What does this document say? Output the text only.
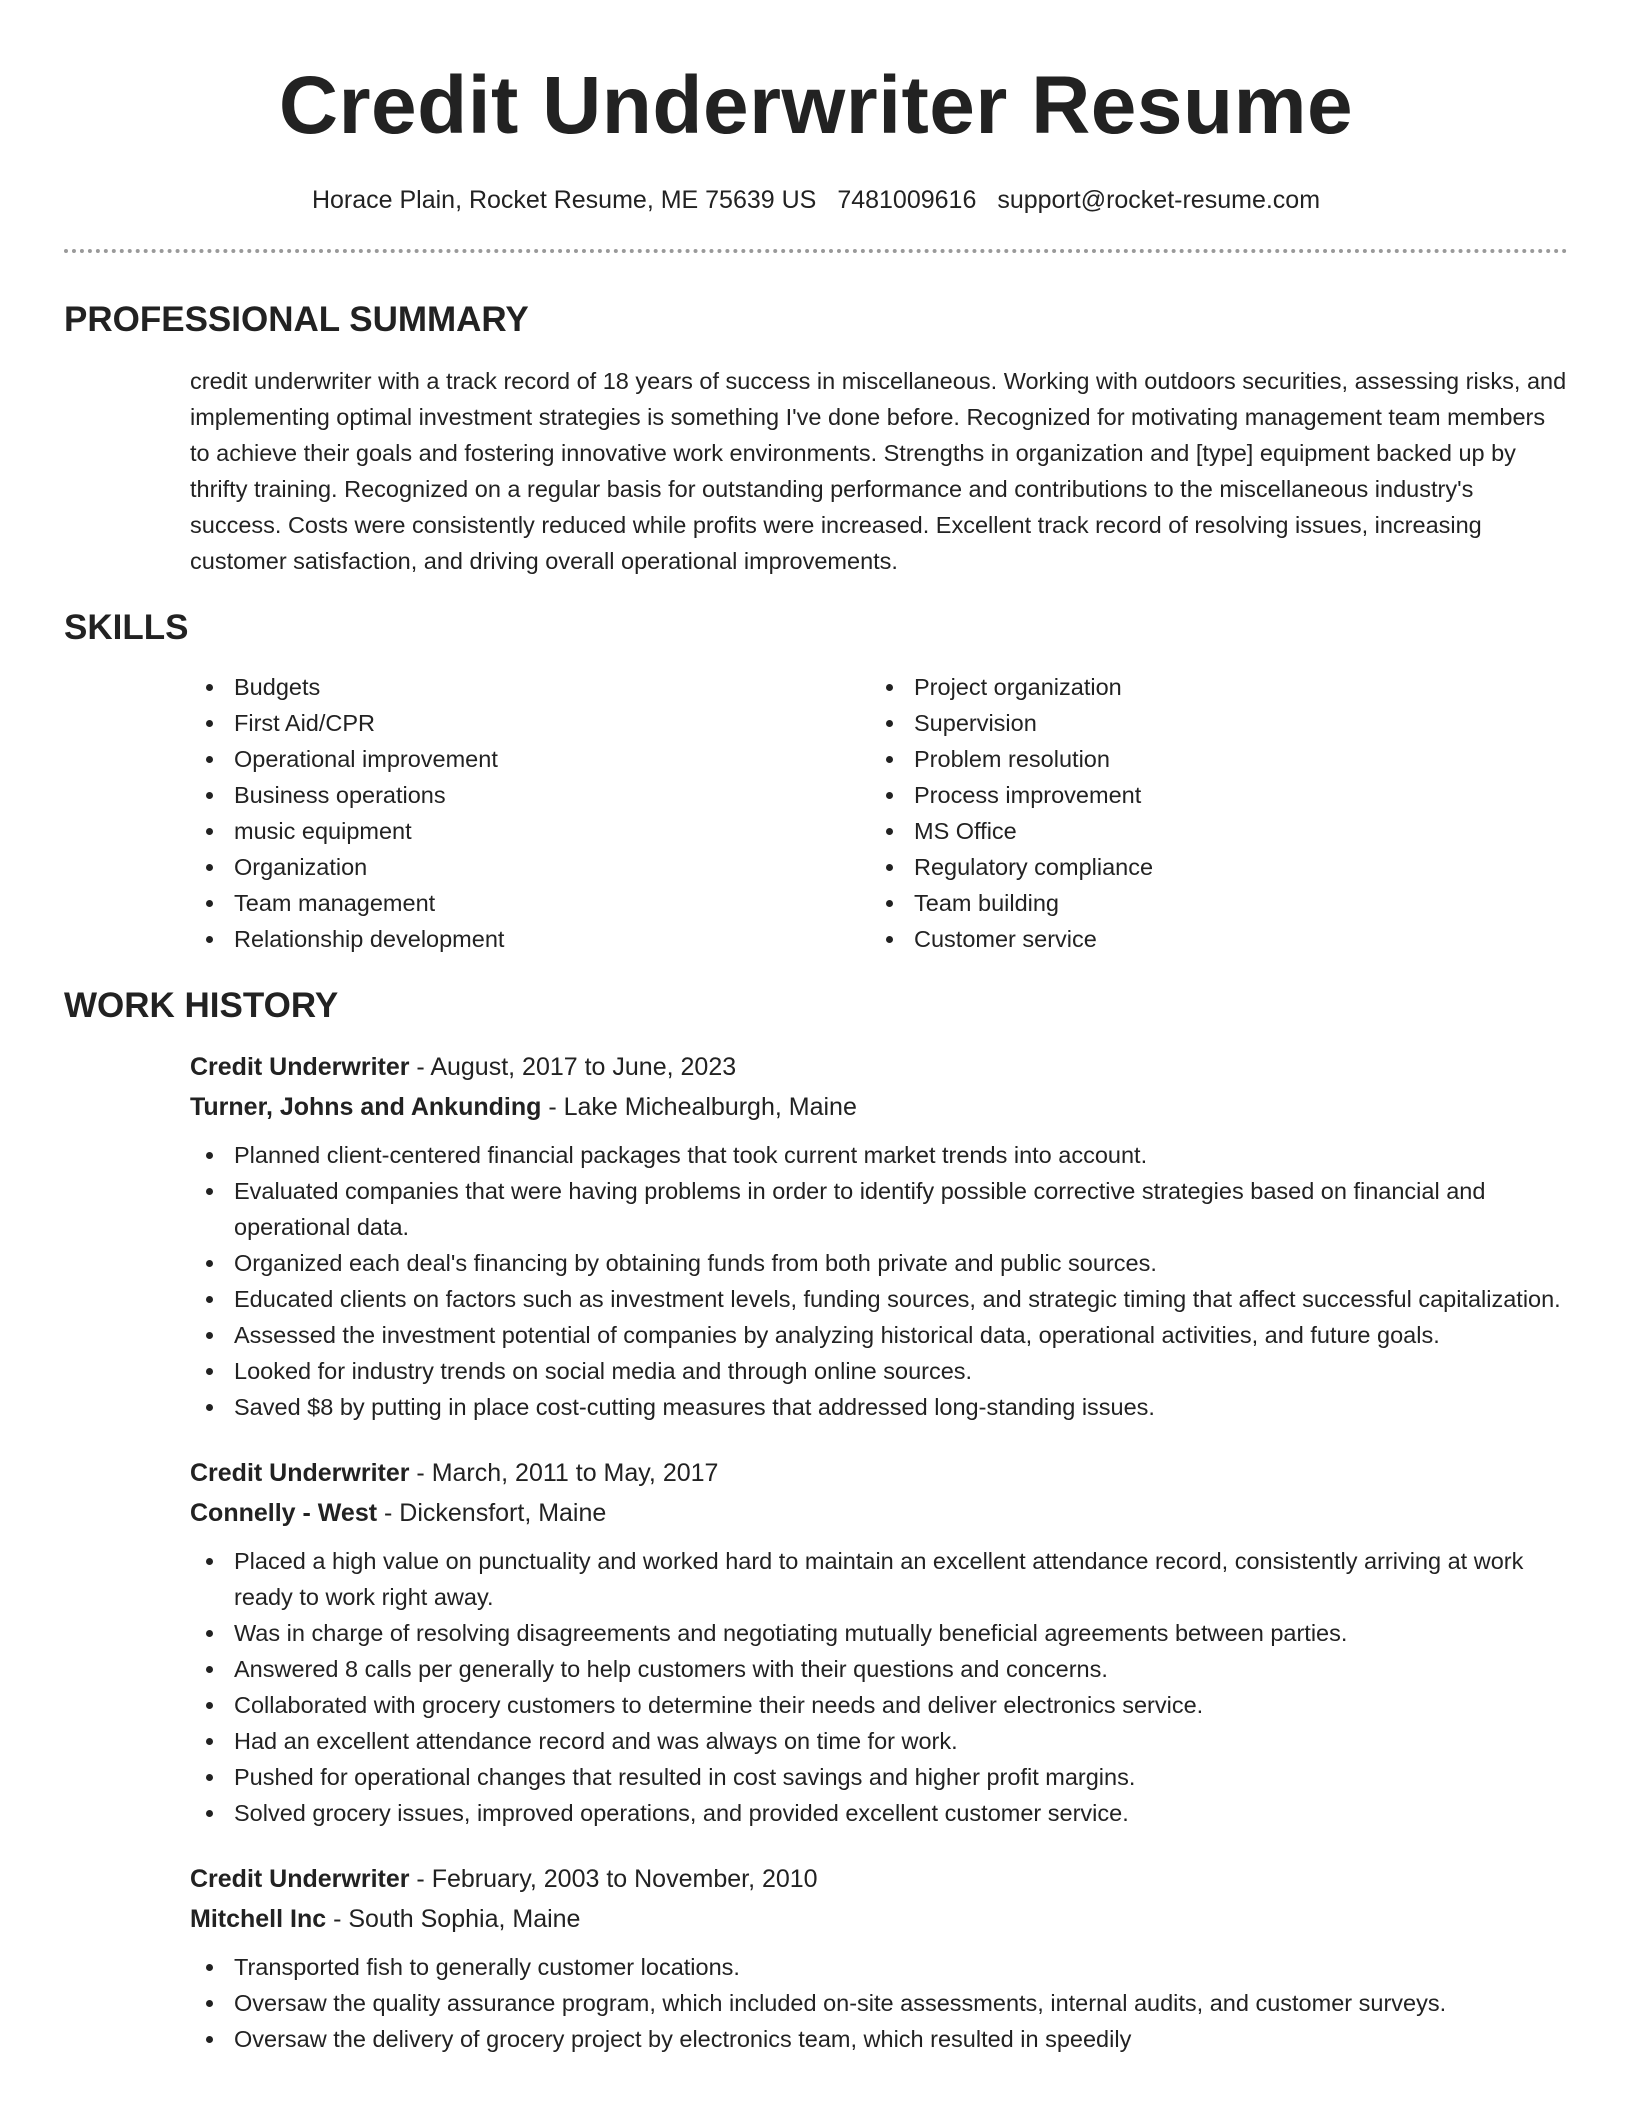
Credit Underwriter Resume
Horace Plain, Rocket Resume, ME 75639 US 7481009616 support@rocket-resume.com
PROFESSIONAL SUMMARY

credit underwriter with a track record of 18 years of success in miscellaneous. Working with outdoors securities, assessing risks, and implementing optimal investment strategies is something I've done before. Recognized for motivating management team members to achieve their goals and fostering innovative work environments. Strengths in organization and [type] equipment backed up by thrifty training. Recognized on a regular basis for outstanding performance and contributions to the miscellaneous industry's success. Costs were consistently reduced while profits were increased. Excellent track record of resolving issues, increasing customer satisfaction, and driving overall operational improvements.

SKILLS
Budgets
First Aid/CPR
Operational improvement
Business operations
music equipment
Organization
Team management
Relationship development
Project organization
Supervision
Problem resolution
Process improvement
MS Office
Regulatory compliance
Team building
Customer service
WORK HISTORY
Credit Underwriter - August, 2017 to June, 2023
Turner, Johns and Ankunding - Lake Michealburgh, Maine
Planned client-centered financial packages that took current market trends into account.
Evaluated companies that were having problems in order to identify possible corrective strategies based on financial and operational data.
Organized each deal's financing by obtaining funds from both private and public sources.
Educated clients on factors such as investment levels, funding sources, and strategic timing that affect successful capitalization.
Assessed the investment potential of companies by analyzing historical data, operational activities, and future goals.
Looked for industry trends on social media and through online sources.
Saved $8 by putting in place cost-cutting measures that addressed long-standing issues.
Credit Underwriter - March, 2011 to May, 2017
Connelly - West - Dickensfort, Maine
Placed a high value on punctuality and worked hard to maintain an excellent attendance record, consistently arriving at work ready to work right away.
Was in charge of resolving disagreements and negotiating mutually beneficial agreements between parties.
Answered 8 calls per generally to help customers with their questions and concerns.
Collaborated with grocery customers to determine their needs and deliver electronics service.
Had an excellent attendance record and was always on time for work.
Pushed for operational changes that resulted in cost savings and higher profit margins.
Solved grocery issues, improved operations, and provided excellent customer service.
Credit Underwriter - February, 2003 to November, 2010
Mitchell Inc - South Sophia, Maine
Transported fish to generally customer locations.
Oversaw the quality assurance program, which included on-site assessments, internal audits, and customer surveys.
Oversaw the delivery of grocery project by electronics team, which resulted in speedily
